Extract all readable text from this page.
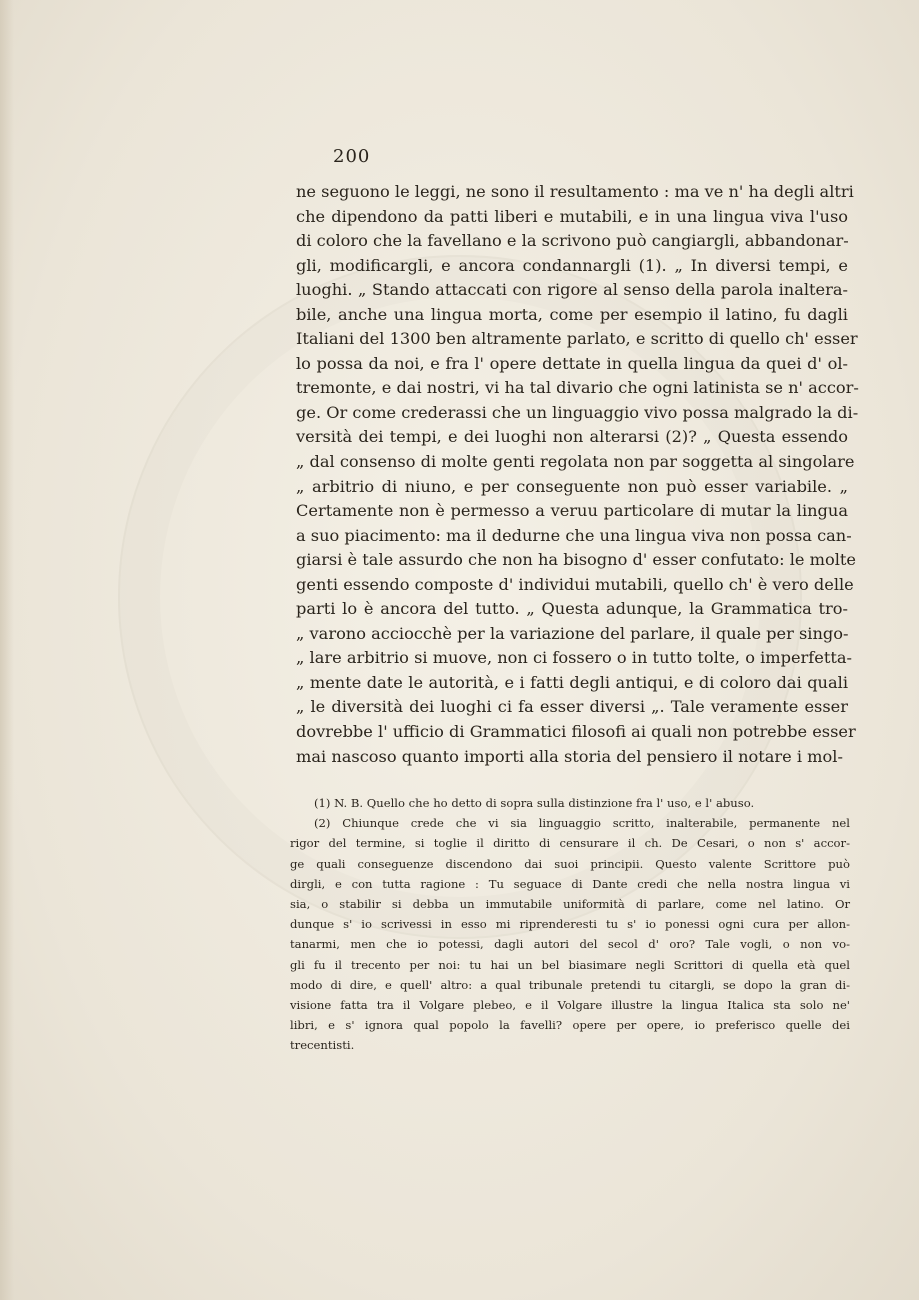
200
ne seguono le leggi, ne sono il resultamento : ma ve n' ha degli altri
che dipendono da patti liberi e mutabili, e in una lingua viva l'uso
di coloro che la favellano e la scrivono può cangiargli, abbandonar-
gli, modificargli, e ancora condannargli (1). „ In diversi tempi, e
luoghi. „ Stando attaccati con rigore al senso della parola inaltera-
bile, anche una lingua morta, come per esempio il latino, fu dagli
Italiani del 1300 ben altramente parlato, e scritto di quello ch' esser
lo possa da noi, e fra l' opere dettate in quella lingua da quei d' ol-
tremonte, e dai nostri, vi ha tal divario che ogni latinista se n' accor-
ge. Or come crederassi che un linguaggio vivo possa malgrado la di-
versità dei tempi, e dei luoghi non alterarsi (2)? „ Questa essendo
„ dal consenso di molte genti regolata non par soggetta al singolare
„ arbitrio di niuno, e per conseguente non può esser variabile. „
Certamente non è permesso a veruu particolare di mutar la lingua
a suo piacimento: ma il dedurne che una lingua viva non possa can-
giarsi è tale assurdo che non ha bisogno d' esser confutato: le molte
genti essendo composte d' individui mutabili, quello ch' è vero delle
parti lo è ancora del tutto. „ Questa adunque, la Grammatica tro-
„ varono acciocchè per la variazione del parlare, il quale per singo-
„ lare arbitrio si muove, non ci fossero o in tutto tolte, o imperfetta-
„ mente date le autorità, e i fatti degli antiqui, e di coloro dai quali
„ le diversità dei luoghi ci fa esser diversi „. Tale veramente esser
dovrebbe l' ufficio di Grammatici filosofi ai quali non potrebbe esser
mai nascoso quanto importi alla storia del pensiero il notare i mol-
(1) N. B. Quello che ho detto di sopra sulla distinzione fra l' uso, e l' abuso.
(2) Chiunque crede che vi sia linguaggio scritto, inalterabile, permanente nel
rigor del termine, si toglie il diritto di censurare il ch. De Cesari, o non s' accor-
ge quali conseguenze discendono dai suoi principii. Questo valente Scrittore può
dirgli, e con tutta ragione : Tu seguace di Dante credi che nella nostra lingua vi
sia, o stabilir si debba un immutabile uniformità di parlare, come nel latino. Or
dunque s' io scrivessi in esso mi riprenderesti tu s' io ponessi ogni cura per allon-
tanarmi, men che io potessi, dagli autori del secol d' oro? Tale vogli, o non vo-
gli fu il trecento per noi: tu hai un bel biasimare negli Scrittori di quella età quel
modo di dire, e quell' altro: a qual tribunale pretendi tu citargli, se dopo la gran di-
visione fatta tra il Volgare plebeo, e il Volgare illustre la lingua Italica sta solo ne'
libri, e s' ignora qual popolo la favelli? opere per opere, io preferisco quelle dei
trecentisti.
